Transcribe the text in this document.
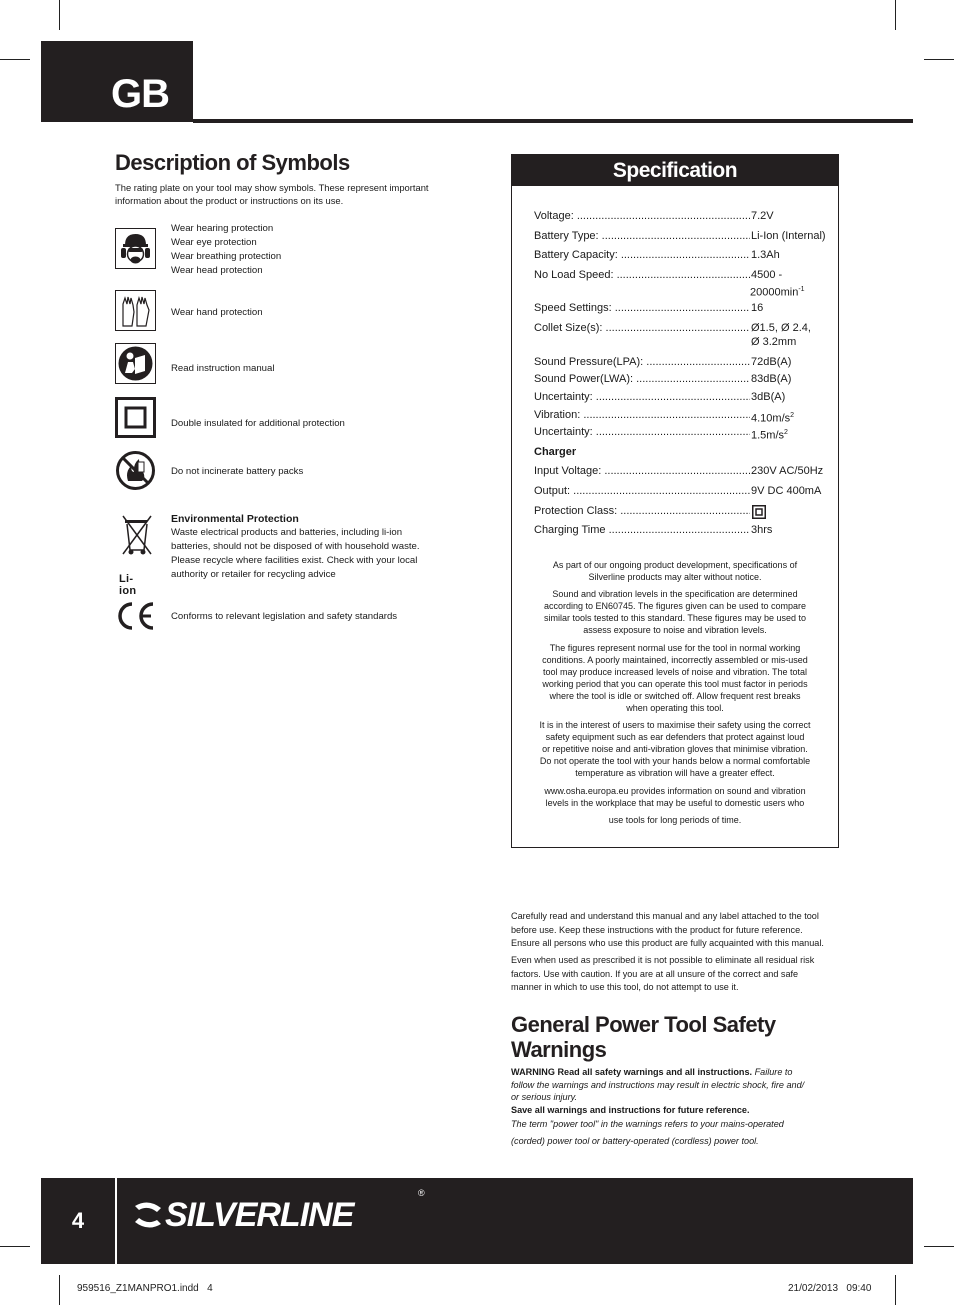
GB
Description of Symbols
The rating plate on your tool may show symbols. These represent important information about the product or instructions on its use.
Wear hearing protection
Wear eye protection
Wear breathing protection
Wear head protection
Wear hand protection
Read instruction manual
Double insulated for additional protection
Do not incinerate battery packs
Li-ion
Environmental Protection
Waste electrical products and batteries, including li-ion
batteries, should not be disposed of with household waste.
Please recycle where facilities exist. Check with your local
authority or retailer for recycling advice
Conforms to relevant legislation and safety standards
Specification
Voltage: .....	7.2V
Battery Type: .....	Li-Ion (Internal)
Battery Capacity: .....	1.3Ah
No Load Speed: .....	4500 -
$20000\min^{-1}$
Speed Settings: .....	16
Collet Size(s): .....	Ø1.5, Ø 2.4,
Ø 3.2mm
Sound Pressure(LPA): .....	72dB(A)
Sound Power(LWA): .....	83dB(A)
Uncertainty: .....	3dB(A)
Vibration: .....	$4.10m/s^2$
Uncertainty: .....	$1.5m/s^2$
Charger
Input Voltage: .....	230V AC/50Hz
Output: .....	9V DC 400mA
Protection Class: .....
Charging Time .....	3hrs
As part of our ongoing product development, specifications of
Silverline products may alter without notice.
Sound and vibration levels in the specification are determined
according to EN60745. The figures given can be used to compare
similar tools tested to this standard. These figures may be used to
assess exposure to noise and vibration levels.
The figures represent normal use for the tool in normal working
conditions. A poorly maintained, incorrectly assembled or mis-used
tool may produce increased levels of noise and vibration. The total
working period that you can operate this tool must factor in periods
where the tool is idle or switched off. Allow frequent rest breaks
when operating this tool.
It is in the interest of users to maximise their safety using the correct
safety equipment such as ear defenders that protect against loud
or repetitive noise and anti-vibration gloves that minimise vibration.
Do not operate the tool with your hands below a normal comfortable
temperature as vibration will have a greater effect.
www.osha.europa.eu provides information on sound and vibration
levels in the workplace that may be useful to domestic users who
use tools for long periods of time.
Carefully read and understand this manual and any label attached to the tool
before use. Keep these instructions with the product for future reference.
Ensure all persons who use this product are fully acquainted with this manual.
Even when used as prescribed it is not possible to eliminate all residual risk
factors. Use with caution. If you are at all unsure of the correct and safe
manner in which to use this tool, do not attempt to use it.
General Power Tool Safety
Warnings
WARNING Read all safety warnings and all instructions. Failure to
follow the warnings and instructions may result in electric shock, fire and/
or serious injury.
Save all warnings and instructions for future reference.
The term "power tool" in the warnings refers to your mains-operated
(corded) power tool or battery-operated (cordless) power tool.
4	SILVERLINE
®
959516_Z1MANPRO1.indd   4	21/02/2013   09:40
